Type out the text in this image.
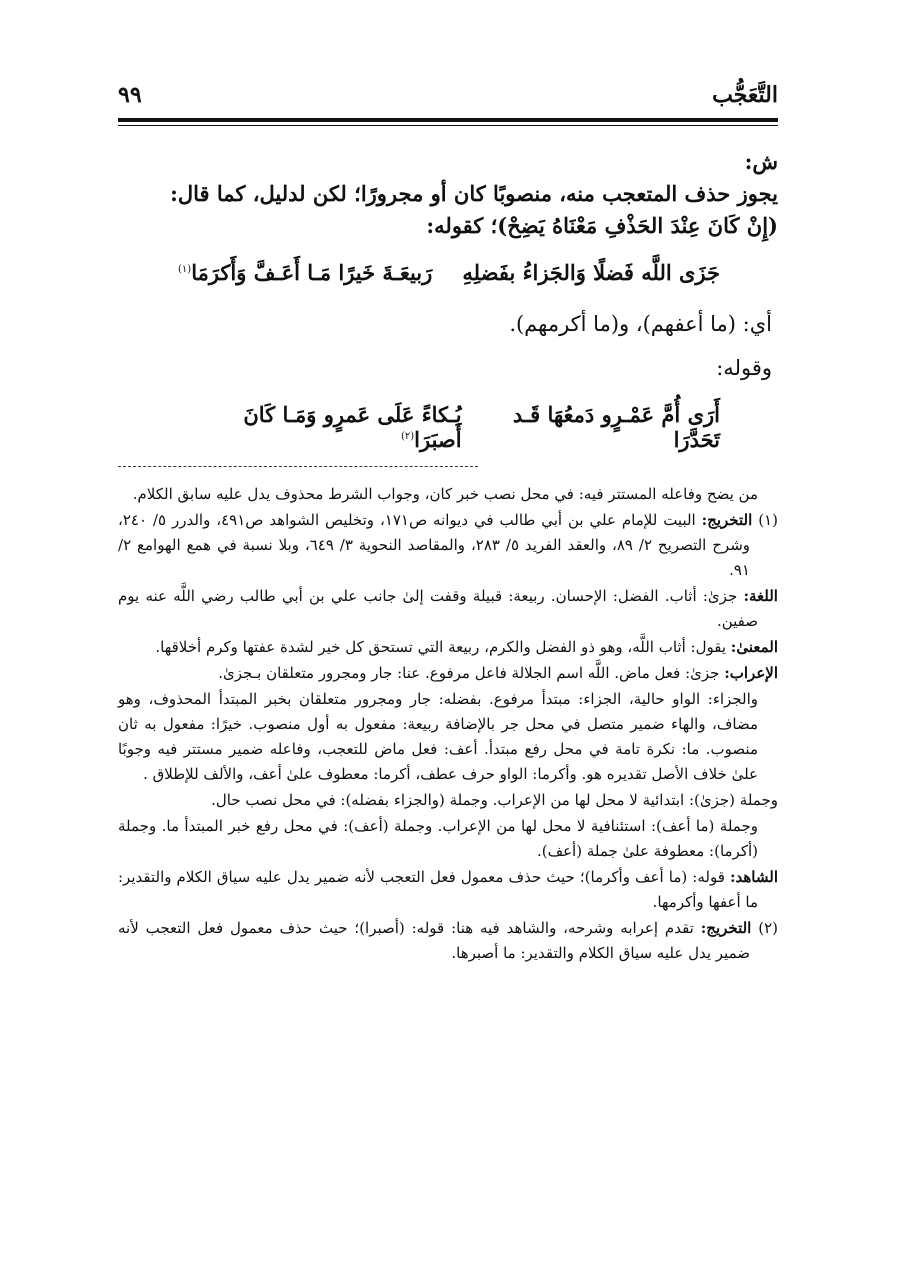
التَّعَجُّب
٩٩

ش:

يجوز حذف المتعجب منه، منصوبًا كان أو مجرورًا؛ لكن لدليل، كما قال:

(إِنْ كَانَ عِنْدَ الحَذْفِ مَعْنَاهُ يَضِحْ)؛ كقوله:

جَزَى اللَّه فَضلًا وَالجَزاءُ بفَضلِهِ
رَبيعَـةَ خَيرًا مَـا أَعَـفَّ وَأَكرَمَا$^{(١)}$

أي: (ما أعفهم)، و(ما أكرمهم).

وقوله:

أَرَى أُمَّ عَمْـرٍو دَمعُهَا قَـد تَحَدَّرَا
بُـكاءً عَلَى عَمرٍو وَمَـا كَانَ أَصبَرَا$^{(٢)}$

من يضح وفاعله المستتر فيه: في محل نصب خبر كان، وجواب الشرط محذوف يدل عليه سابق الكلام.

(١) التخريج: البيت للإمام علي بن أبي طالب في ديوانه ص١٧١، وتخليص الشواهد ص٤٩١، والدرر ٥/ ٢٤٠، وشرح التصريح ٢/ ٨٩، والعقد الفريد ٥/ ٢٨٣، والمقاصد النحوية ٣/ ٦٤٩، وبلا نسبة في همع الهوامع ٢/ ٩١.

اللغة: جزىٰ: أثاب. الفضل: الإحسان. ربيعة: قبيلة وقفت إلىٰ جانب علي بن أبي طالب رضي اللَّه عنه يوم صفين.

المعنىٰ: يقول: أثاب اللَّه، وهو ذو الفضل والكرم، ربيعة التي تستحق كل خير لشدة عفتها وكرم أخلاقها.

الإعراب: جزىٰ: فعل ماض. اللَّه اسم الجلالة فاعل مرفوع. عنا: جار ومجرور متعلقان بـجزىٰ.

والجزاء: الواو حالية، الجزاء: مبتدأ مرفوع. بفضله: جار ومجرور متعلقان بخبر المبتدأ المحذوف، وهو مضاف، والهاء ضمير متصل في محل جر بالإضافة ربيعة: مفعول به أول منصوب. خيرًا: مفعول به ثان منصوب. ما: نكرة تامة في محل رفع مبتدأ. أعف: فعل ماض للتعجب، وفاعله ضمير مستتر فيه وجوبًا علىٰ خلاف الأصل تقديره هو. وأكرما: الواو حرف عطف، أكرما: معطوف علىٰ أعف، والألف للإطلاق .

وجملة (جزىٰ): ابتدائية لا محل لها من الإعراب. وجملة (والجزاء بفضله): في محل نصب حال.

وجملة (ما أعف): استئنافية لا محل لها من الإعراب. وجملة (أعف): في محل رفع خبر المبتدأ ما. وجملة (أكرما): معطوفة علىٰ جملة (أعف).

الشاهد: قوله: (ما أعف وأكرما)؛ حيث حذف معمول فعل التعجب لأنه ضمير يدل عليه سياق الكلام والتقدير: ما أعفها وأكرمها.

(٢) التخريج: تقدم إعرابه وشرحه، والشاهد فيه هنا: قوله: (أصبرا)؛ حيث حذف معمول فعل التعجب لأنه ضمير يدل عليه سياق الكلام والتقدير: ما أصبرها.
